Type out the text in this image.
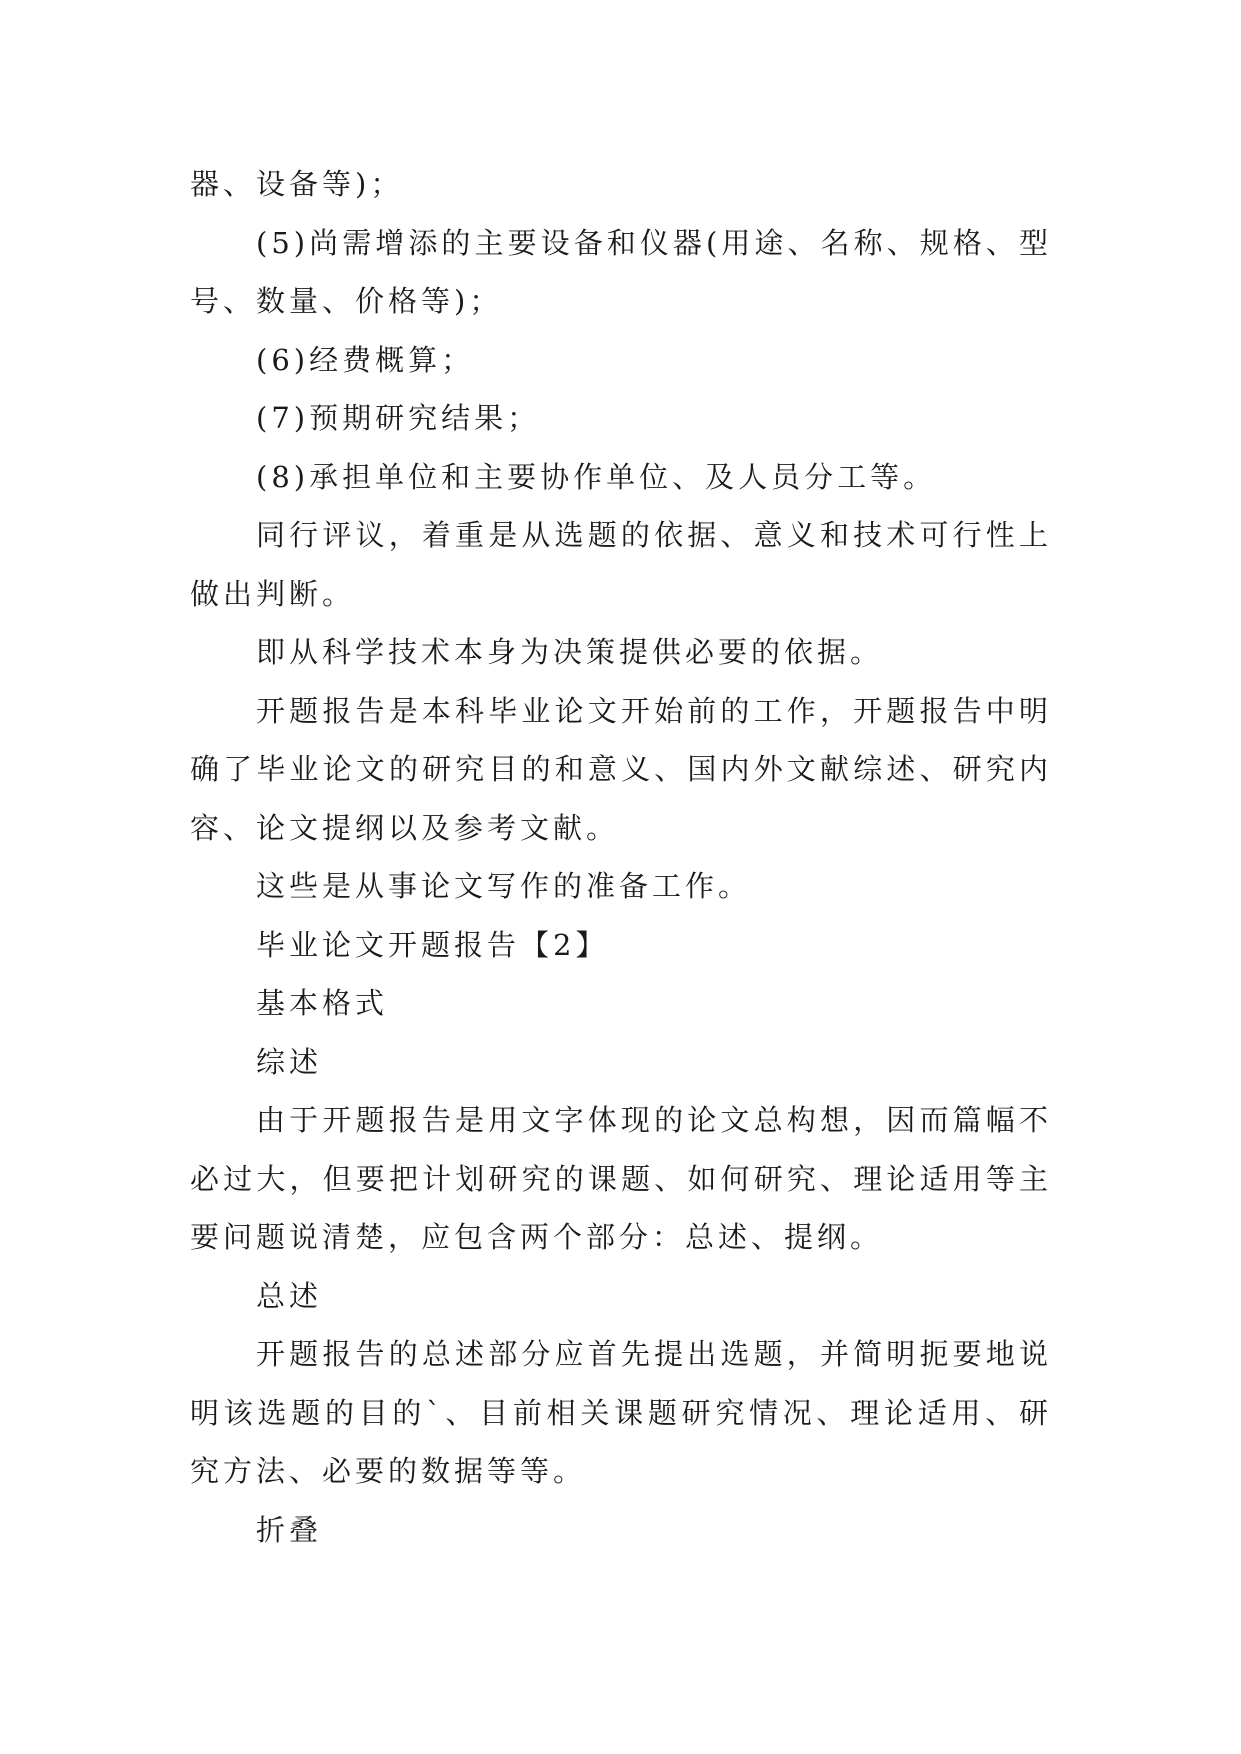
器、设备等)；

(5)尚需增添的主要设备和仪器(用途、名称、规格、型号、数量、价格等)；

(6)经费概算；

(7)预期研究结果；

(8)承担单位和主要协作单位、及人员分工等。

同行评议，着重是从选题的依据、意义和技术可行性上做出判断。

即从科学技术本身为决策提供必要的依据。

开题报告是本科毕业论文开始前的工作，开题报告中明确了毕业论文的研究目的和意义、国内外文献综述、研究内容、论文提纲以及参考文献。

这些是从事论文写作的准备工作。

毕业论文开题报告【2】

基本格式

综述

由于开题报告是用文字体现的论文总构想，因而篇幅不必过大，但要把计划研究的课题、如何研究、理论适用等主要问题说清楚，应包含两个部分：总述、提纲。

总述

开题报告的总述部分应首先提出选题，并简明扼要地说明该选题的目的`、目前相关课题研究情况、理论适用、研究方法、必要的数据等等。

折叠
